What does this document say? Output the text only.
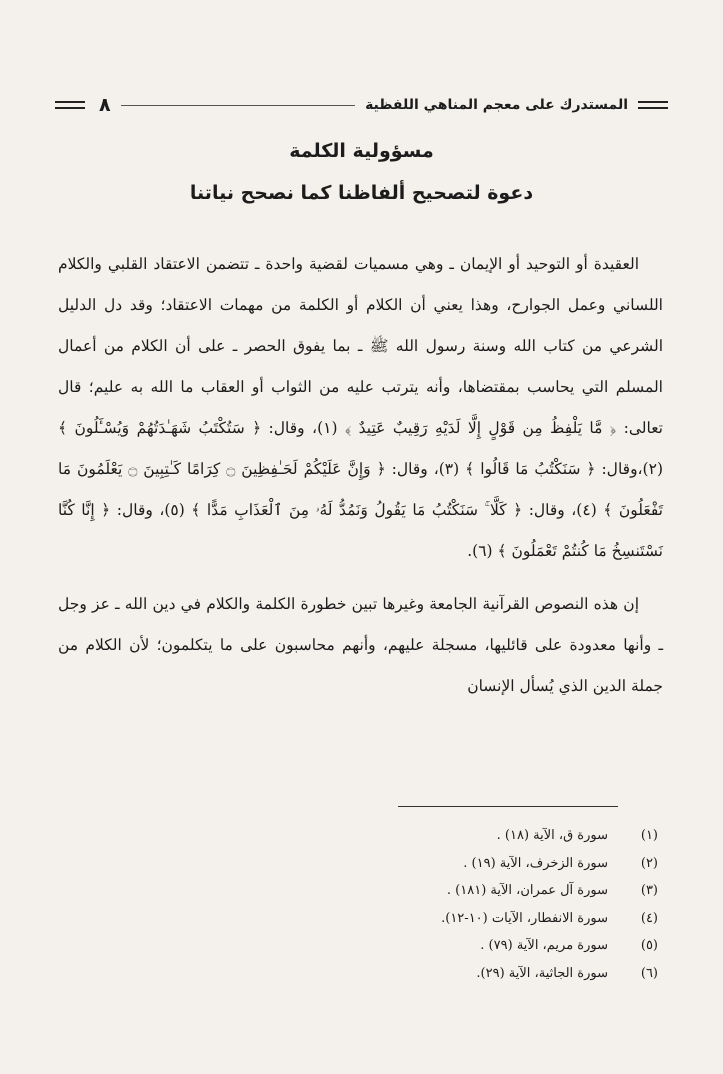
٨	المستدرك على معجم المناهي اللفظية
مسؤولية الكلمة
دعوة لتصحيح ألفاظنا كما نصحح نياتنا

العقيدة أو التوحيد أو الإيمان ـ وهي مسميات لقضية واحدة ـ تتضمن الاعتقاد القلبي والكلام اللساني وعمل الجوارح، وهذا يعني أن الكلام أو الكلمة من مهمات الاعتقاد؛ وقد دل الدليل الشرعي من كتاب الله وسنة رسول الله ﷺ ـ بما يفوق الحصر ـ على أن الكلام من أعمال المسلم التي يحاسب بمقتضاها، وأنه يترتب عليه من الثواب أو العقاب ما الله به عليم؛ قال تعالى: ﴿ مَّا يَلْفِظُ مِن قَوْلٍ إِلَّا لَدَيْهِ رَقِيبٌ عَتِيدٌ ﴾ (١)، وقال: ﴿ سَتُكْتَبُ شَهَـٰدَتُهُمْ وَيُسْـَٔلُونَ ﴾ (٢)،وقال: ﴿ سَنَكْتُبُ مَا قَالُوا ﴾ (٣)، وقال: ﴿ وَإِنَّ عَلَيْكُمْ لَحَـٰفِظِينَ ۝ كِرَامًا كَـٰتِبِينَ ۝ يَعْلَمُونَ مَا تَفْعَلُونَ ﴾ (٤)، وقال: ﴿ كَلَّا ۚ سَنَكْتُبُ مَا يَقُولُ وَنَمُدُّ لَهُۥ مِنَ ٱلْعَذَابِ مَدًّا ﴾ (٥)، وقال: ﴿ إِنَّا كُنَّا نَسْتَنسِخُ مَا كُنتُمْ تَعْمَلُونَ ﴾ (٦).

إن هذه النصوص القرآنية الجامعة وغيرها تبين خطورة الكلمة والكلام في دين الله ـ عز وجل ـ وأنها معدودة على قائليها، مسجلة عليهم، وأنهم محاسبون على ما يتكلمون؛ لأن الكلام من جملة الدين الذي يُسأل الإنسان

(١)
سورة ق، الآية (١٨) .
(٢)
سورة الزخرف، الآية (١٩) .
(٣)
سورة آل عمران، الآية (١٨١) .
(٤)
سورة الانفطار، الآيات (١٠-١٢).
(٥)
سورة مريم، الآية (٧٩) .
(٦)
سورة الجاثية، الآية (٢٩).
